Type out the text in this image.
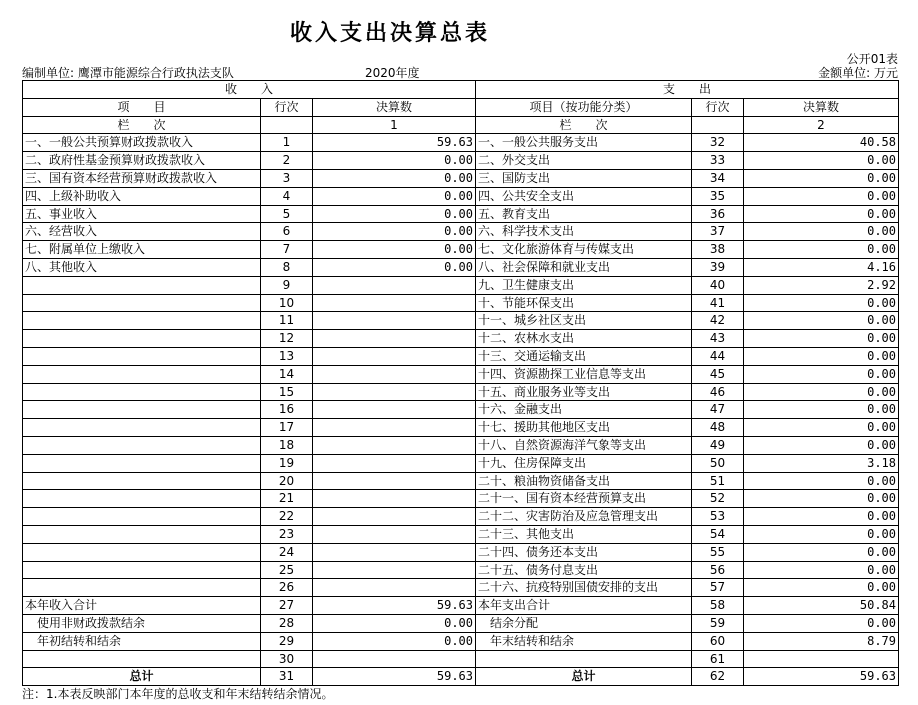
收入支出决算总表
公开01表
编制单位: 鹰潭市能源综合行政执法支队	2020年度	金额单位: 万元
收　　入			支　　出		
项　　目	行次	决算数	项目（按功能分类）	行次	决算数
栏　　次		1	栏　　次		2
一、一般公共预算财政拨款收入	1	59.63	一、一般公共服务支出	32	40.58
二、政府性基金预算财政拨款收入	2	0.00	二、外交支出	33	0.00
三、国有资本经营预算财政拨款收入	3	0.00	三、国防支出	34	0.00
四、上级补助收入	4	0.00	四、公共安全支出	35	0.00
五、事业收入	5	0.00	五、教育支出	36	0.00
六、经营收入	6	0.00	六、科学技术支出	37	0.00
七、附属单位上缴收入	7	0.00	七、文化旅游体育与传媒支出	38	0.00
八、其他收入	8	0.00	八、社会保障和就业支出	39	4.16
	9		九、卫生健康支出	40	2.92
	10		十、节能环保支出	41	0.00
	11		十一、城乡社区支出	42	0.00
	12		十二、农林水支出	43	0.00
	13		十三、交通运输支出	44	0.00
	14		十四、资源勘探工业信息等支出	45	0.00
	15		十五、商业服务业等支出	46	0.00
	16		十六、金融支出	47	0.00
	17		十七、援助其他地区支出	48	0.00
	18		十八、自然资源海洋气象等支出	49	0.00
	19		十九、住房保障支出	50	3.18
	20		二十、粮油物资储备支出	51	0.00
	21		二十一、国有资本经营预算支出	52	0.00
	22		二十二、灾害防治及应急管理支出	53	0.00
	23		二十三、其他支出	54	0.00
	24		二十四、债务还本支出	55	0.00
	25		二十五、债务付息支出	56	0.00
	26		二十六、抗疫特别国债安排的支出	57	0.00
本年收入合计	27	59.63	本年支出合计	58	50.84
使用非财政拨款结余	28	0.00	结余分配	59	0.00
年初结转和结余	29	0.00	年末结转和结余	60	8.79
	30			61	
总计	31	59.63	总计	62	59.63
注：1.本表反映部门本年度的总收支和年末结转结余情况。
